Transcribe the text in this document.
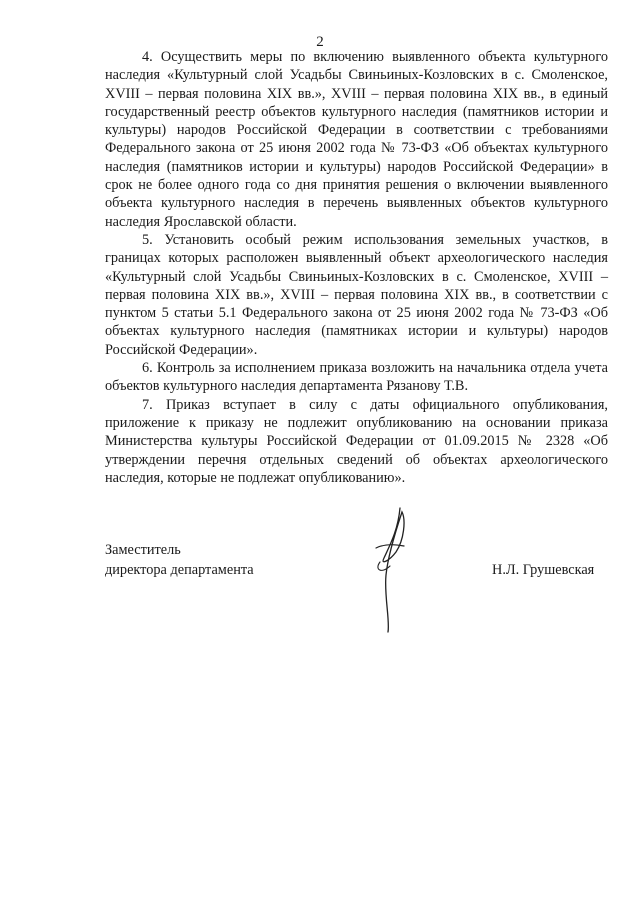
2

4. Осуществить меры по включению выявленного объекта культурного наследия «Культурный слой Усадьбы Свиньиных-Козловских в с. Смоленское, XVIII – первая половина XIX вв.», XVIII – первая половина XIX вв., в единый государственный реестр объектов культурного наследия (памятников истории и культуры) народов Российской Федерации в соответствии с требованиями Федерального закона от 25 июня 2002 года № 73-ФЗ «Об объектах культурного наследия (памятников истории и культуры) народов Российской Федерации» в срок не более одного года со дня принятия решения о включении выявленного объекта культурного наследия в перечень выявленных объектов культурного наследия Ярославской области.

5. Установить особый режим использования земельных участков, в границах которых расположен выявленный объект археологического наследия «Культурный слой Усадьбы Свиньиных-Козловских в с. Смоленское, XVIII – первая половина XIX вв.», XVIII – первая половина XIX вв., в соответствии с пунктом 5 статьи 5.1 Федерального закона от 25 июня 2002 года № 73-ФЗ «Об объектах культурного наследия (памятниках истории и культуры) народов Российской Федерации».

6. Контроль за исполнением приказа возложить на начальника отдела учета объектов культурного наследия департамента Рязанову Т.В.

7. Приказ вступает в силу с даты официального опубликования, приложение к приказу не подлежит опубликованию на основании приказа Министерства культуры Российской Федерации от 01.09.2015 № 2328 «Об утверждении перечня отдельных сведений об объектах археологического наследия, которые не подлежат опубликованию».

Заместитель
директора департамента	Н.Л. Грушевская
